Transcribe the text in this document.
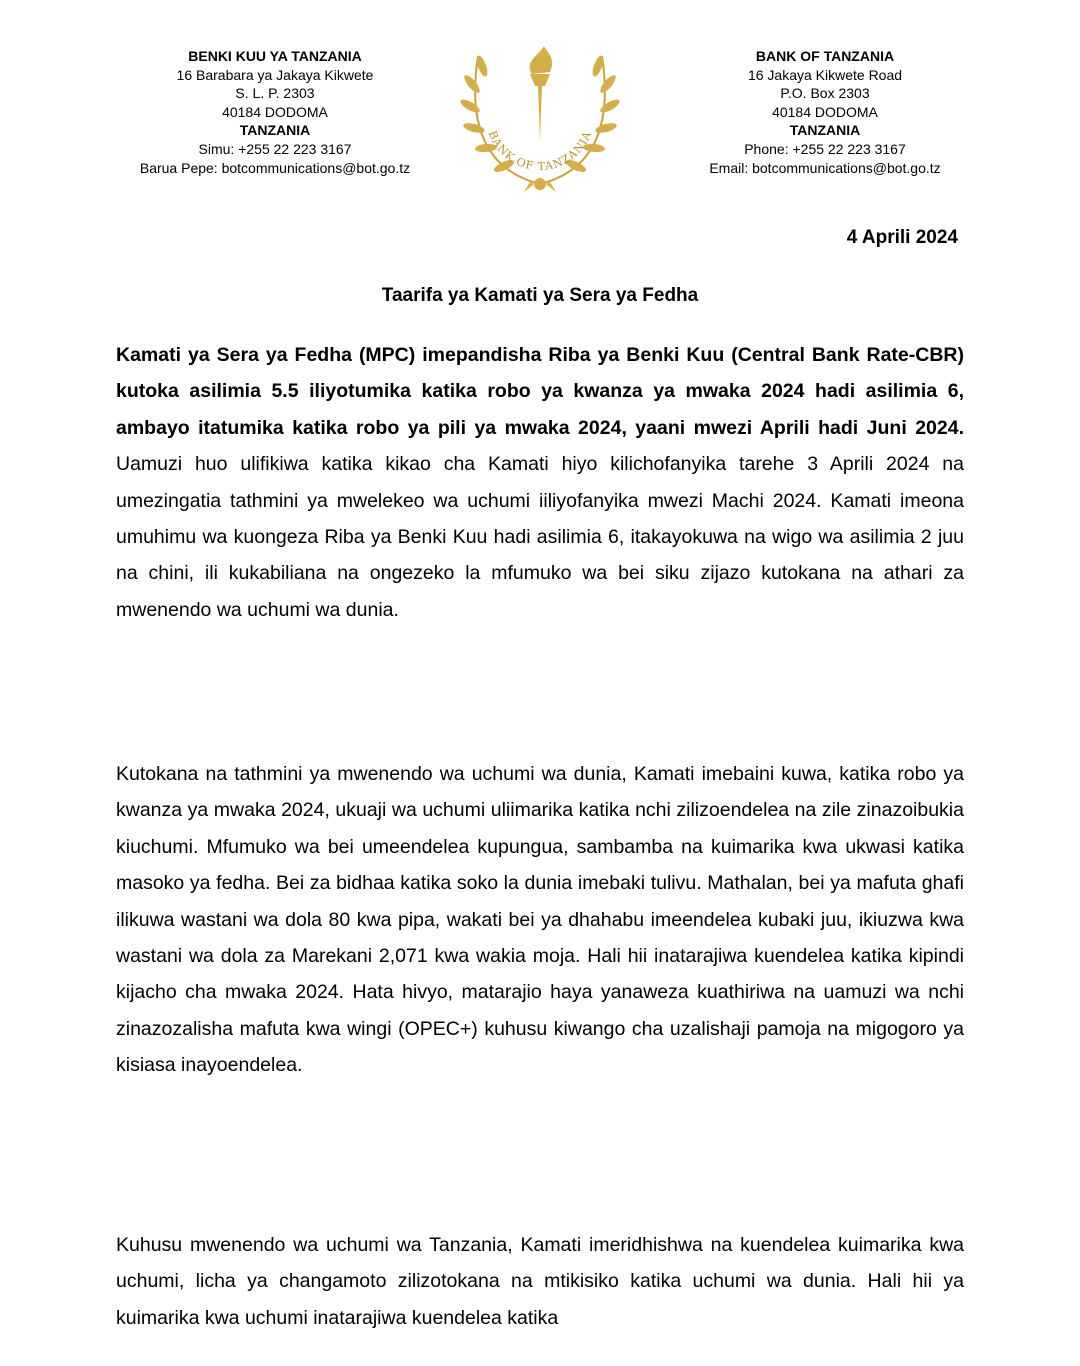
BENKI KUU YA TANZANIA
16 Barabara ya Jakaya Kikwete
S. L. P. 2303
40184 DODOMA
TANZANIA
Simu: +255 22 223 3167
Barua Pepe: botcommunications@bot.go.tz
BANK OF TANZANIA
BANK OF TANZANIA
16 Jakaya Kikwete Road
P.O. Box 2303
40184 DODOMA
TANZANIA
Phone: +255 22 223 3167
Email: botcommunications@bot.go.tz
4 Aprili 2024
Taarifa ya Kamati ya Sera ya Fedha

Kamati ya Sera ya Fedha (MPC) imepandisha Riba ya Benki Kuu (Central Bank Rate-CBR) kutoka asilimia 5.5 iliyotumika katika robo ya kwanza ya mwaka 2024 hadi asilimia 6, ambayo itatumika katika robo ya pili ya mwaka 2024, yaani mwezi Aprili hadi Juni 2024. Uamuzi huo ulifikiwa katika kikao cha Kamati hiyo kilichofanyika tarehe 3 Aprili 2024 na umezingatia tathmini ya mwelekeo wa uchumi iiliyofanyika mwezi Machi 2024. Kamati imeona umuhimu wa kuongeza Riba ya Benki Kuu hadi asilimia 6, itakayokuwa na wigo wa asilimia 2 juu na chini, ili kukabiliana na ongezeko la mfumuko wa bei siku zijazo kutokana na athari za mwenendo wa uchumi wa dunia.

Kutokana na tathmini ya mwenendo wa uchumi wa dunia, Kamati imebaini kuwa, katika robo ya kwanza ya mwaka 2024, ukuaji wa uchumi uliimarika katika nchi zilizoendelea na zile zinazoibukia kiuchumi. Mfumuko wa bei umeendelea kupungua, sambamba na kuimarika kwa ukwasi katika masoko ya fedha. Bei za bidhaa katika soko la dunia imebaki tulivu. Mathalan, bei ya mafuta ghafi ilikuwa wastani wa dola 80 kwa pipa, wakati bei ya dhahabu imeendelea kubaki juu, ikiuzwa kwa wastani wa dola za Marekani 2,071 kwa wakia moja. Hali hii inatarajiwa kuendelea katika kipindi kijacho cha mwaka 2024. Hata hivyo, matarajio haya yanaweza kuathiriwa na uamuzi wa nchi zinazozalisha mafuta kwa wingi (OPEC+) kuhusu kiwango cha uzalishaji pamoja na migogoro ya kisiasa inayoendelea.

Kuhusu mwenendo wa uchumi wa Tanzania, Kamati imeridhishwa na kuendelea kuimarika kwa uchumi, licha ya changamoto zilizotokana na mtikisiko katika uchumi wa dunia. Hali hii ya kuimarika kwa uchumi inatarajiwa kuendelea katika
